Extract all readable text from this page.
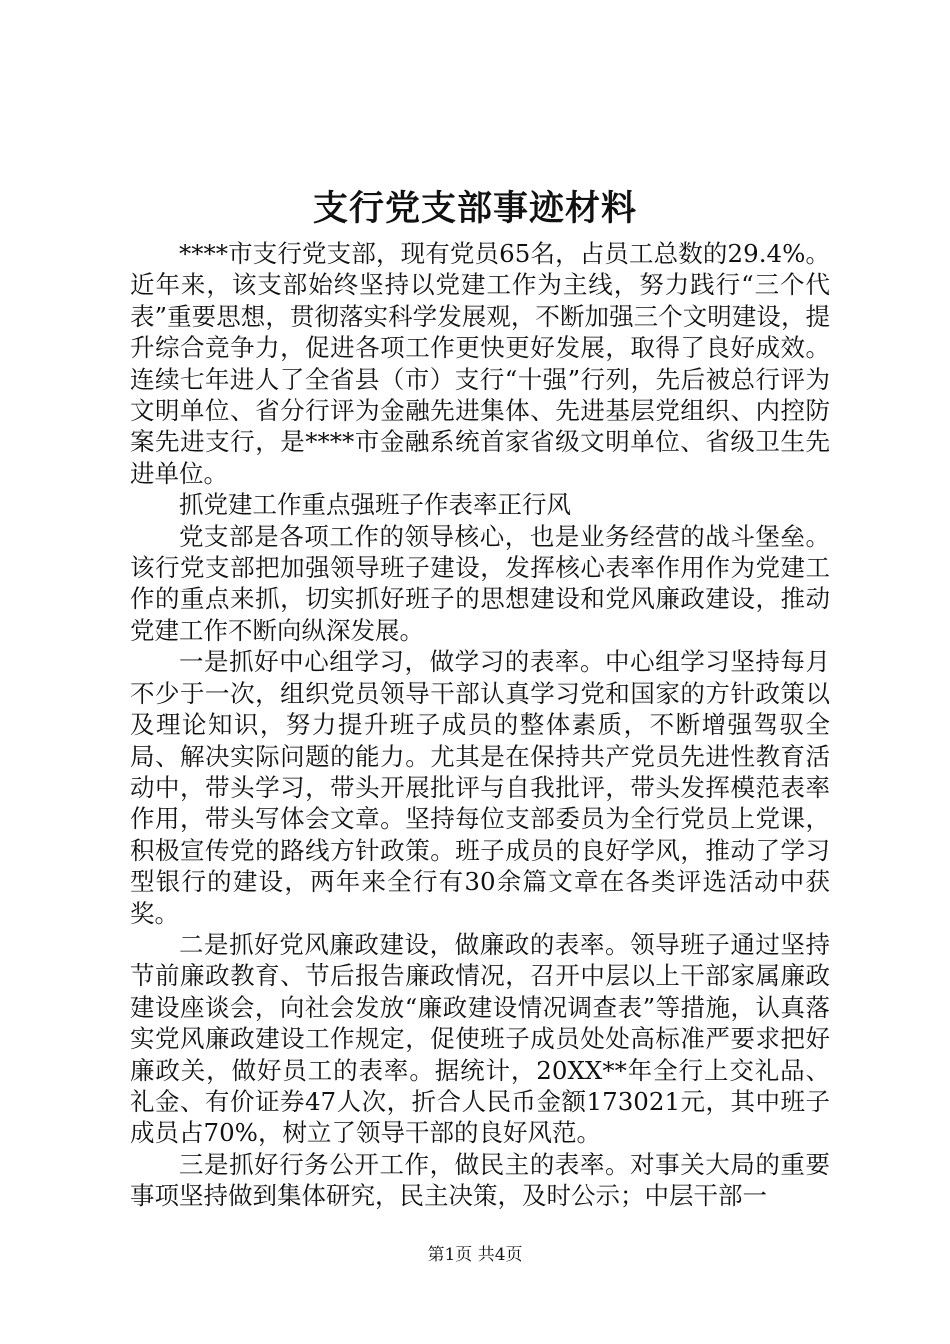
支行党支部事迹材料

****市支行党支部，现有党员65名，占员工总数的29.4%。近年来，该支部始终坚持以党建工作为主线，努力践行“三个代表”重要思想，贯彻落实科学发展观，不断加强三个文明建设，提升综合竞争力，促进各项工作更快更好发展，取得了良好成效。连续七年进人了全省县（市）支行“十强”行列，先后被总行评为文明单位、省分行评为金融先进集体、先进基层党组织、内控防案先进支行，是****市金融系统首家省级文明单位、省级卫生先进单位。

抓党建工作重点强班子作表率正行风

党支部是各项工作的领导核心，也是业务经营的战斗堡垒。该行党支部把加强领导班子建设，发挥核心表率作用作为党建工作的重点来抓，切实抓好班子的思想建设和党风廉政建设，推动党建工作不断向纵深发展。

一是抓好中心组学习，做学习的表率。中心组学习坚持每月不少于一次，组织党员领导干部认真学习党和国家的方针政策以及理论知识，努力提升班子成员的整体素质，不断增强驾驭全局、解决实际问题的能力。尤其是在保持共产党员先进性教育活动中，带头学习，带头开展批评与自我批评，带头发挥模范表率作用，带头写体会文章。坚持每位支部委员为全行党员上党课，积极宣传党的路线方针政策。班子成员的良好学风，推动了学习型银行的建设，两年来全行有30余篇文章在各类评选活动中获奖。

二是抓好党风廉政建设，做廉政的表率。领导班子通过坚持节前廉政教育、节后报告廉政情况，召开中层以上干部家属廉政建设座谈会，向社会发放“廉政建设情况调查表”等措施，认真落实党风廉政建设工作规定，促使班子成员处处高标准严要求把好廉政关，做好员工的表率。据统计，20XX**年全行上交礼品、礼金、有价证券47人次，折合人民币金额173021元，其中班子成员占70%，树立了领导干部的良好风范。

三是抓好行务公开工作，做民主的表率。对事关大局的重要事项坚持做到集体研究，民主决策，及时公示；中层干部一

第1页 共4页
